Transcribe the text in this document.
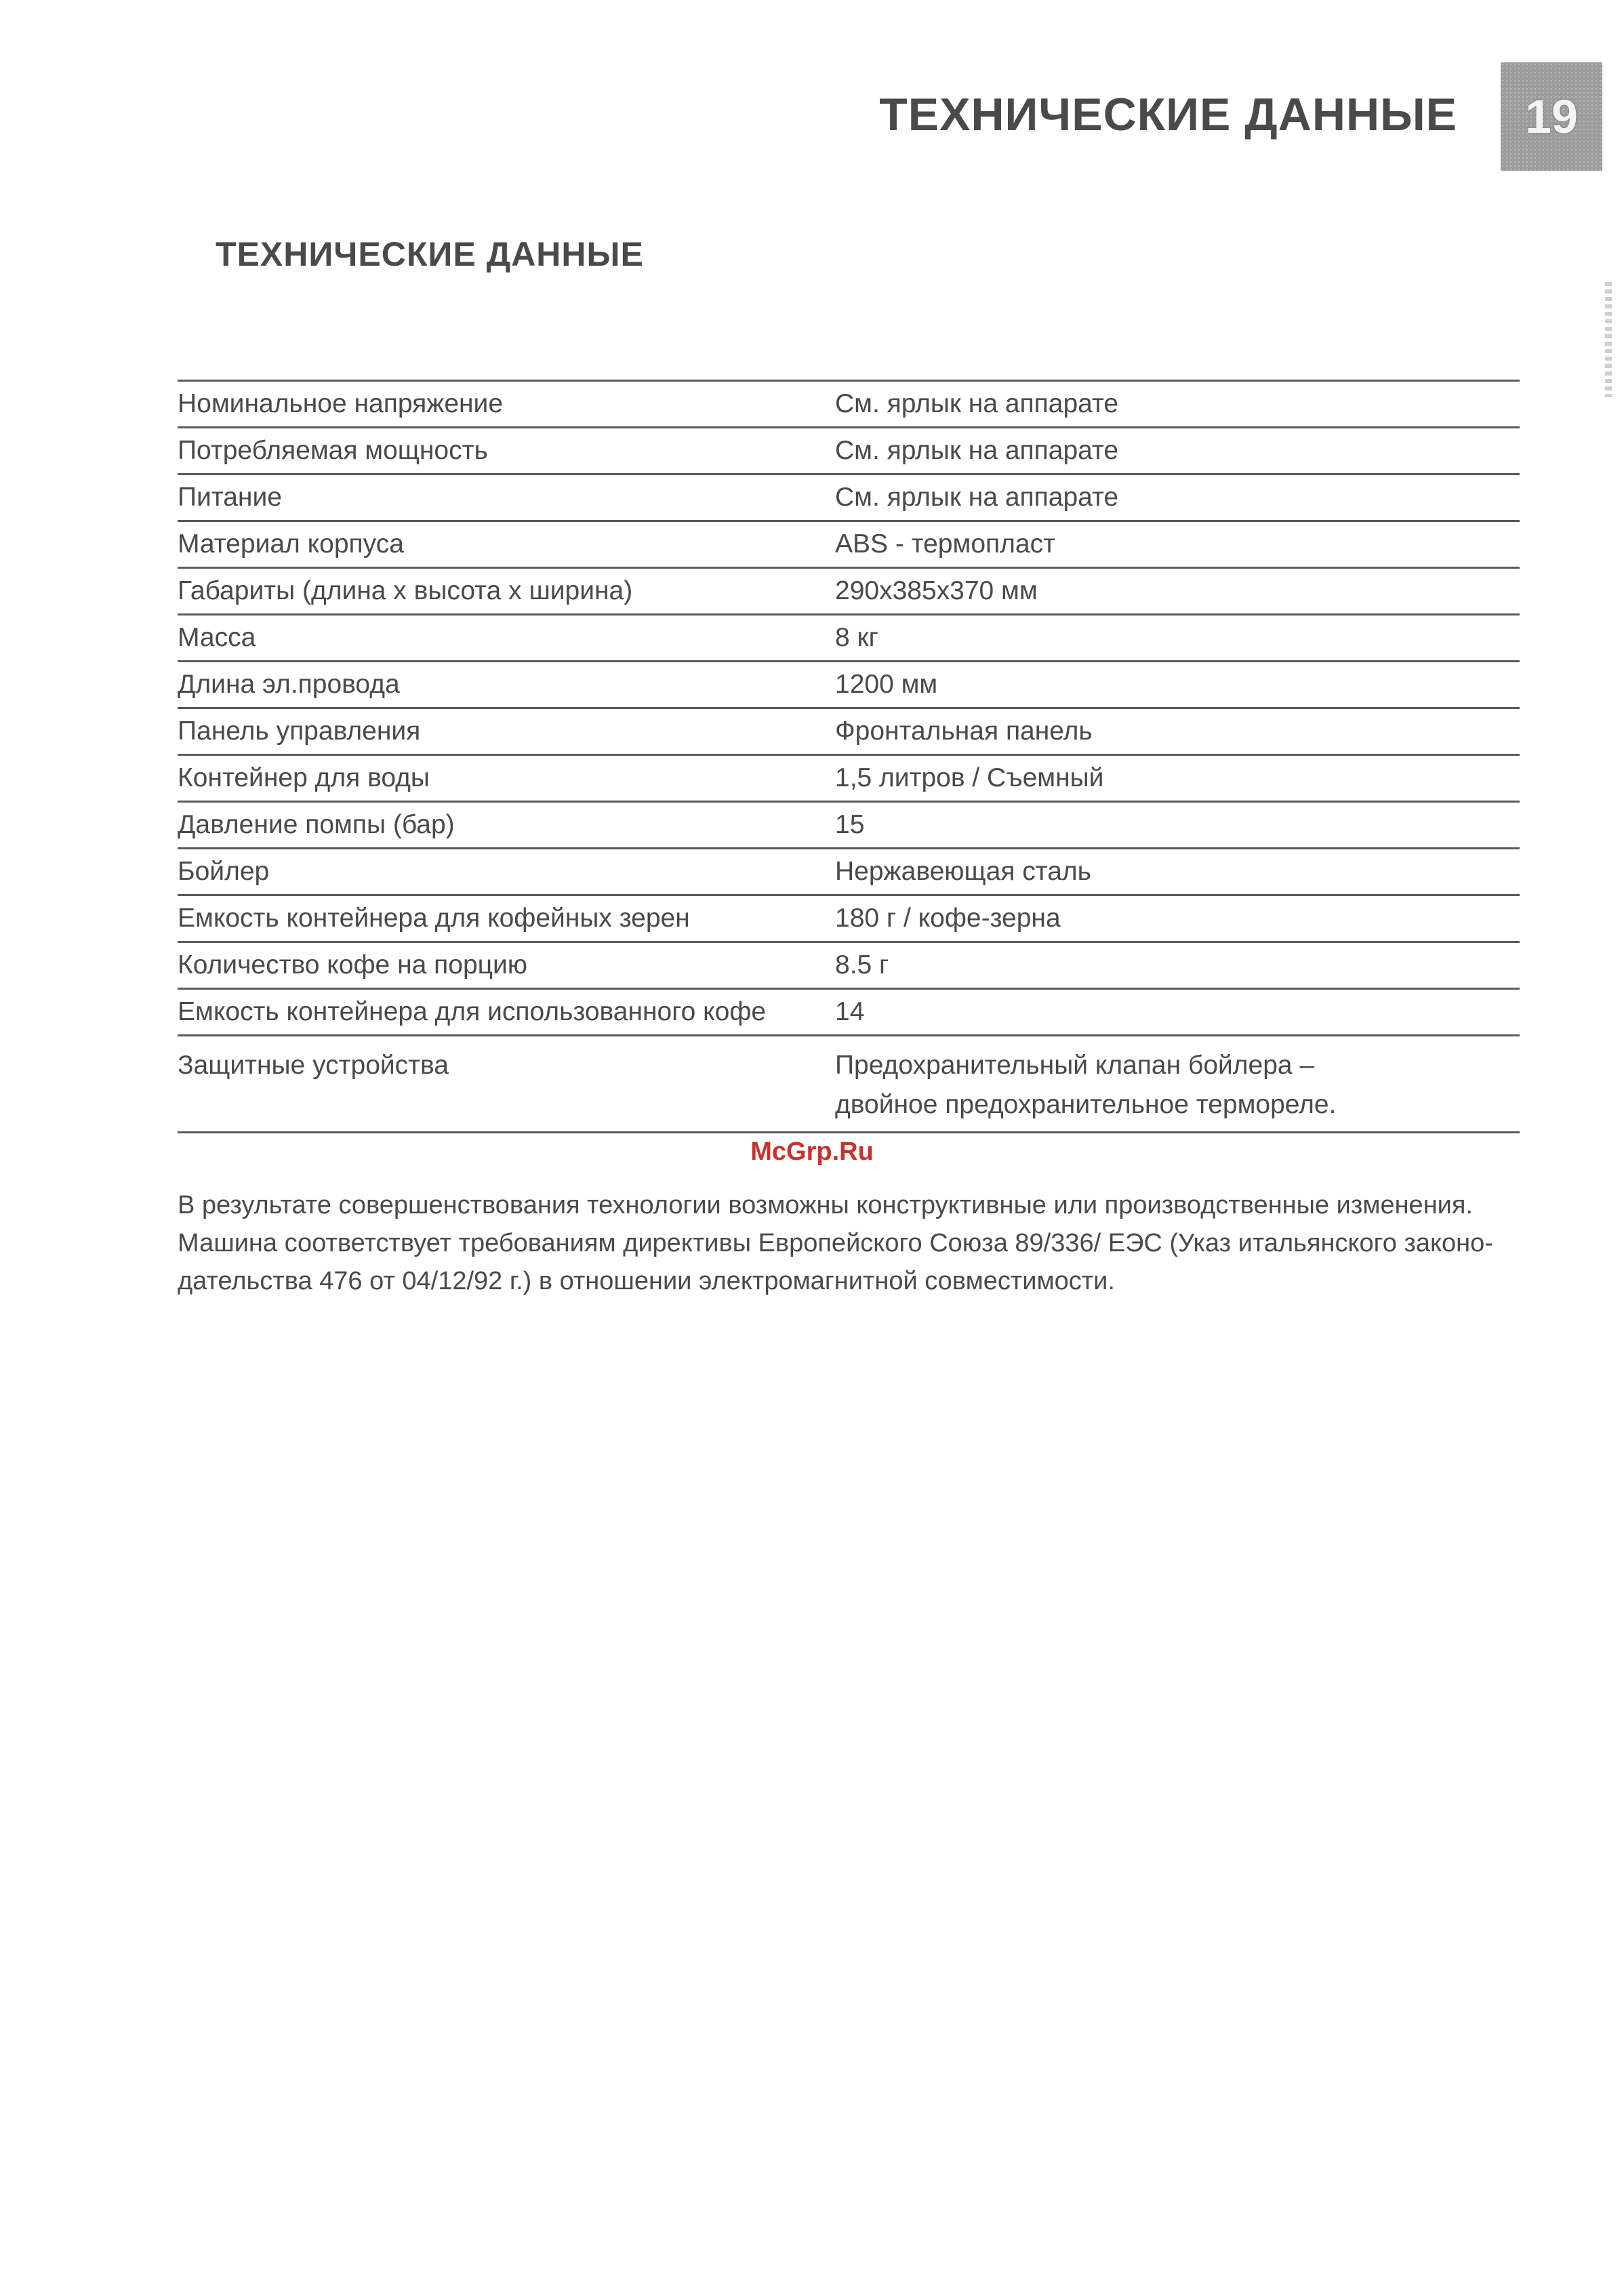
ТЕХНИЧЕСКИЕ ДАННЫЕ	19
ТЕХНИЧЕСКИЕ ДАННЫЕ
Номинальное напряжение	См. ярлык на аппарате
Потребляемая мощность	См. ярлык на аппарате
Питание	См. ярлык на аппарате
Материал корпуса	ABS - термопласт
Габариты (длина x высота x ширина)	290x385x370 мм
Масса	8 кг
Длина эл.провода	1200 мм
Панель управления	Фронтальная панель
Контейнер для воды	1,5 литров / Съемный
Давление помпы (бар)	15
Бойлер	Нержавеющая сталь
Емкость контейнера для кофейных зерен	180 г / кофе-зерна
Количество кофе на порцию	8.5 г
Емкость контейнера для использованного кофе	14
Защитные устройства	Предохранительный клапан бойлера –
двойное предохранительное термореле.
McGrp.Ru

В результате совершенствования технологии возможны конструктивные или производственные изменения.
Машина соответствует требованиям директивы Европейского Союза 89/336/ ЕЭС (Указ итальянского законо-
дательства 476 от 04/12/92 г.) в отношении электромагнитной совместимости.
